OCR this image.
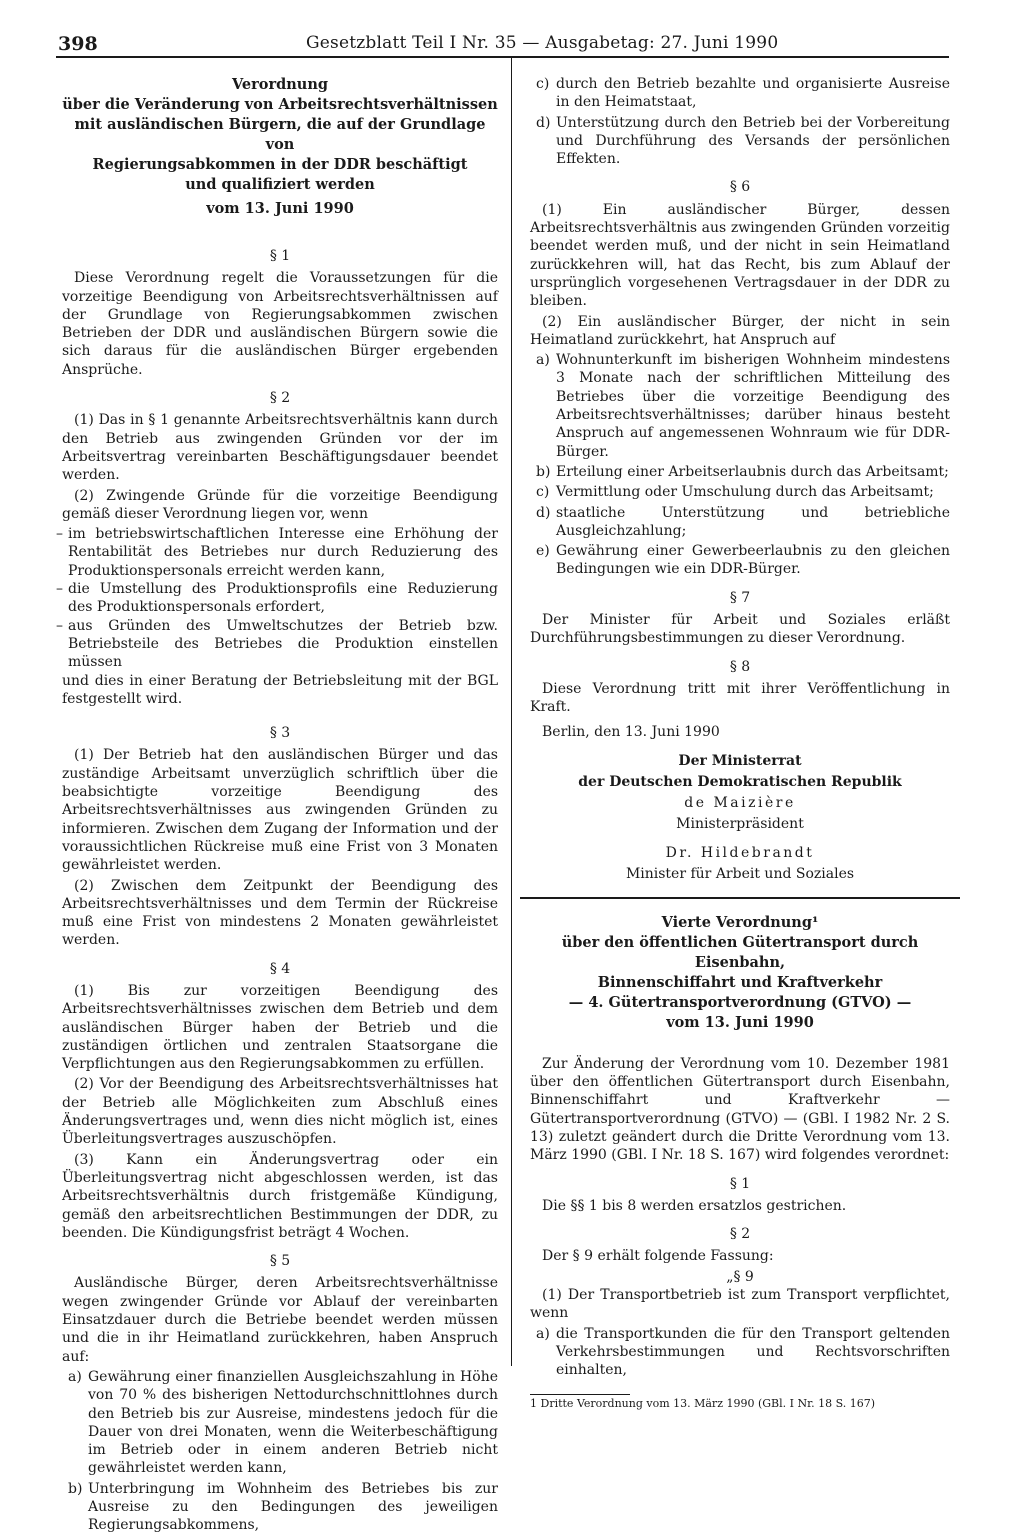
398	Gesetzblatt Teil I Nr. 35 — Ausgabetag: 27. Juni 1990
Verordnung
über die Veränderung von Arbeitsrechtsverhältnissen
mit ausländischen Bürgern, die auf der Grundlage von
Regierungsabkommen in der DDR beschäftigt
und qualifiziert werden
vom 13. Juni 1990
§ 1

Diese Verordnung regelt die Voraussetzungen für die vorzeitige Beendigung von Arbeitsrechtsverhältnissen auf der Grundlage von Regierungsabkommen zwischen Betrieben der DDR und ausländischen Bürgern sowie die sich daraus für die ausländischen Bürger ergebenden Ansprüche.

§ 2

(1) Das in § 1 genannte Arbeitsrechtsverhältnis kann durch den Betrieb aus zwingenden Gründen vor der im Arbeitsvertrag vereinbarten Beschäftigungsdauer beendet werden.

(2) Zwingende Gründe für die vorzeitige Beendigung gemäß dieser Verordnung liegen vor, wenn

– im betriebswirtschaftlichen Interesse eine Erhöhung der Rentabilität des Betriebes nur durch Reduzierung des Produktionspersonals erreicht werden kann,

– die Umstellung des Produktionsprofils eine Reduzierung des Produktionspersonals erfordert,

– aus Gründen des Umweltschutzes der Betrieb bzw. Betriebsteile des Betriebes die Produktion einstellen müssen

und dies in einer Beratung der Betriebsleitung mit der BGL festgestellt wird.

§ 3

(1) Der Betrieb hat den ausländischen Bürger und das zuständige Arbeitsamt unverzüglich schriftlich über die beabsichtigte vorzeitige Beendigung des Arbeitsrechtsverhältnisses aus zwingenden Gründen zu informieren. Zwischen dem Zugang der Information und der voraussichtlichen Rückreise muß eine Frist von 3 Monaten gewährleistet werden.

(2) Zwischen dem Zeitpunkt der Beendigung des Arbeitsrechtsverhältnisses und dem Termin der Rückreise muß eine Frist von mindestens 2 Monaten gewährleistet werden.

§ 4

(1) Bis zur vorzeitigen Beendigung des Arbeitsrechtsverhältnisses zwischen dem Betrieb und dem ausländischen Bürger haben der Betrieb und die zuständigen örtlichen und zentralen Staatsorgane die Verpflichtungen aus den Regierungsabkommen zu erfüllen.

(2) Vor der Beendigung des Arbeitsrechtsverhältnisses hat der Betrieb alle Möglichkeiten zum Abschluß eines Änderungsvertrages und, wenn dies nicht möglich ist, eines Überleitungsvertrages auszuschöpfen.

(3) Kann ein Änderungsvertrag oder ein Überleitungsvertrag nicht abgeschlossen werden, ist das Arbeitsrechtsverhältnis durch fristgemäße Kündigung, gemäß den arbeitsrechtlichen Bestimmungen der DDR, zu beenden. Die Kündigungsfrist beträgt 4 Wochen.

§ 5

Ausländische Bürger, deren Arbeitsrechtsverhältnisse wegen zwingender Gründe vor Ablauf der vereinbarten Einsatzdauer durch die Betriebe beendet werden müssen und die in ihr Heimatland zurückkehren, haben Anspruch auf:

a) Gewährung einer finanziellen Ausgleichszahlung in Höhe von 70 % des bisherigen Nettodurchschnittlohnes durch den Betrieb bis zur Ausreise, mindestens jedoch für die Dauer von drei Monaten, wenn die Weiterbeschäftigung im Betrieb oder in einem anderen Betrieb nicht gewährleistet werden kann,

b) Unterbringung im Wohnheim des Betriebes bis zur Ausreise zu den Bedingungen des jeweiligen Regierungsabkommens,

c) durch den Betrieb bezahlte und organisierte Ausreise in den Heimatstaat,

d) Unterstützung durch den Betrieb bei der Vorbereitung und Durchführung des Versands der persönlichen Effekten.

§ 6

(1) Ein ausländischer Bürger, dessen Arbeitsrechtsverhältnis aus zwingenden Gründen vorzeitig beendet werden muß, und der nicht in sein Heimatland zurückkehren will, hat das Recht, bis zum Ablauf der ursprünglich vorgesehenen Vertragsdauer in der DDR zu bleiben.

(2) Ein ausländischer Bürger, der nicht in sein Heimatland zurückkehrt, hat Anspruch auf

a) Wohnunterkunft im bisherigen Wohnheim mindestens 3 Monate nach der schriftlichen Mitteilung des Betriebes über die vorzeitige Beendigung des Arbeitsrechtsverhältnisses; darüber hinaus besteht Anspruch auf angemessenen Wohnraum wie für DDR-Bürger.

b) Erteilung einer Arbeitserlaubnis durch das Arbeitsamt;

c) Vermittlung oder Umschulung durch das Arbeitsamt;

d) staatliche Unterstützung und betriebliche Ausgleichzahlung;

e) Gewährung einer Gewerbeerlaubnis zu den gleichen Bedingungen wie ein DDR-Bürger.

§ 7

Der Minister für Arbeit und Soziales erläßt Durchführungsbestimmungen zu dieser Verordnung.

§ 8

Diese Verordnung tritt mit ihrer Veröffentlichung in Kraft.

Berlin, den 13. Juni 1990

Der Ministerrat
der Deutschen Demokratischen Republik
de Maizière
Ministerpräsident
Dr. Hildebrandt
Minister für Arbeit und Soziales
Vierte Verordnung¹
über den öffentlichen Gütertransport durch Eisenbahn,
Binnenschiffahrt und Kraftverkehr
— 4. Gütertransportverordnung (GTVO) —
vom 13. Juni 1990

Zur Änderung der Verordnung vom 10. Dezember 1981 über den öffentlichen Gütertransport durch Eisenbahn, Binnenschiffahrt und Kraftverkehr — Gütertransportverordnung (GTVO) — (GBl. I 1982 Nr. 2 S. 13) zuletzt geändert durch die Dritte Verordnung vom 13. März 1990 (GBl. I Nr. 18 S. 167) wird folgendes verordnet:

§ 1

Die §§ 1 bis 8 werden ersatzlos gestrichen.

§ 2

Der § 9 erhält folgende Fassung:

„§ 9

(1) Der Transportbetrieb ist zum Transport verpflichtet, wenn

a) die Transportkunden die für den Transport geltenden Verkehrsbestimmungen und Rechtsvorschriften einhalten,

1 Dritte Verordnung vom 13. März 1990 (GBl. I Nr. 18 S. 167)
